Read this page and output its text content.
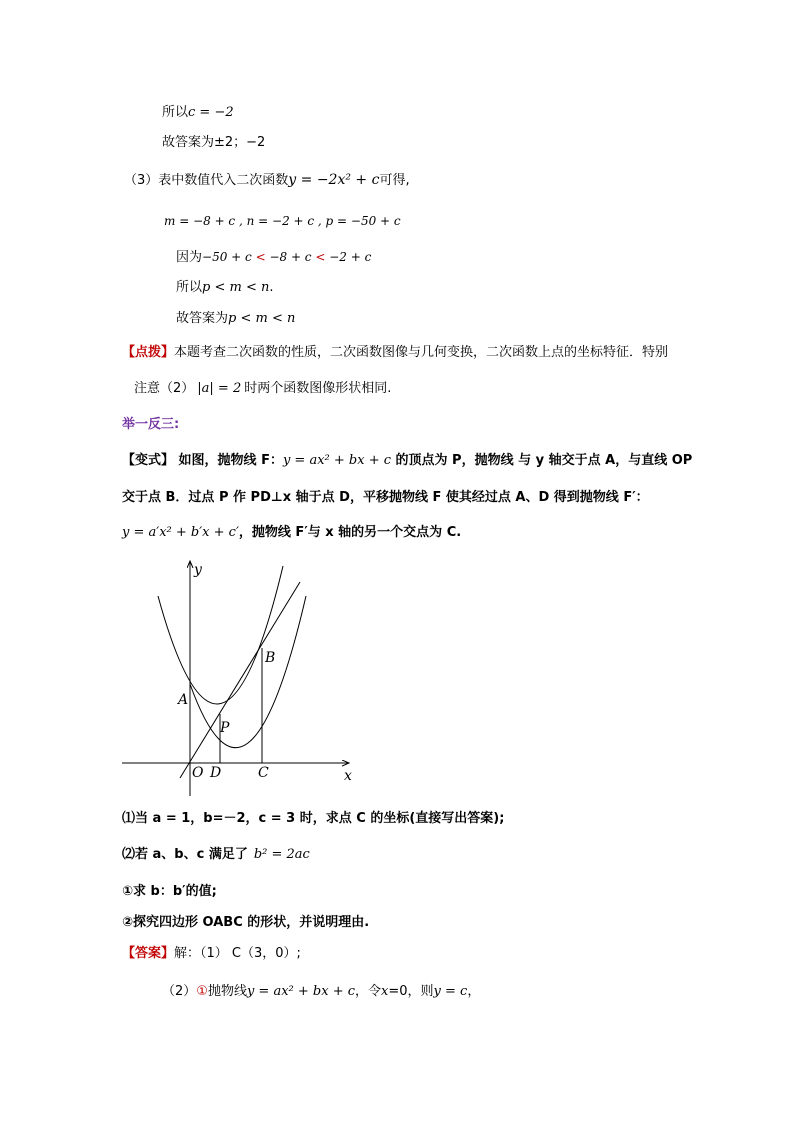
所以c = −2
故答案为±2；−2
（3）表中数值代入二次函数y = −2x² + c可得,
m = −8 + c , n = −2 + c , p = −50 + c
因为−50 + c < −8 + c < −2 + c
所以p < m < n.
故答案为p < m < n
【点拨】本题考查二次函数的性质，二次函数图像与几何变换，二次函数上点的坐标特征．特别
注意（2） |a| = 2 时两个函数图像形状相同.
举一反三:
【变式】 如图，抛物线 F：y = ax² + bx + c 的顶点为 P，抛物线 与 y 轴交于点 A，与直线 OP
交于点 B．过点 P 作 PD⊥x 轴于点 D，平移抛物线 F 使其经过点 A、D 得到抛物线 F′：
y = a′x² + b′x + c′，抛物线 F′与 x 轴的另一个交点为 C.
y
x
A
B
P
O D	C
⑴当 a = 1，b=－2，c = 3 时，求点 C 的坐标(直接写出答案);
⑵若 a、b、c 满足了 b² = 2ac
①求 b：b′的值;
②探究四边形 OABC 的形状，并说明理由.
【答案】解：（1） C（3，0）;
（2）①抛物线y = ax² + bx + c，令x=0，则y = c，
